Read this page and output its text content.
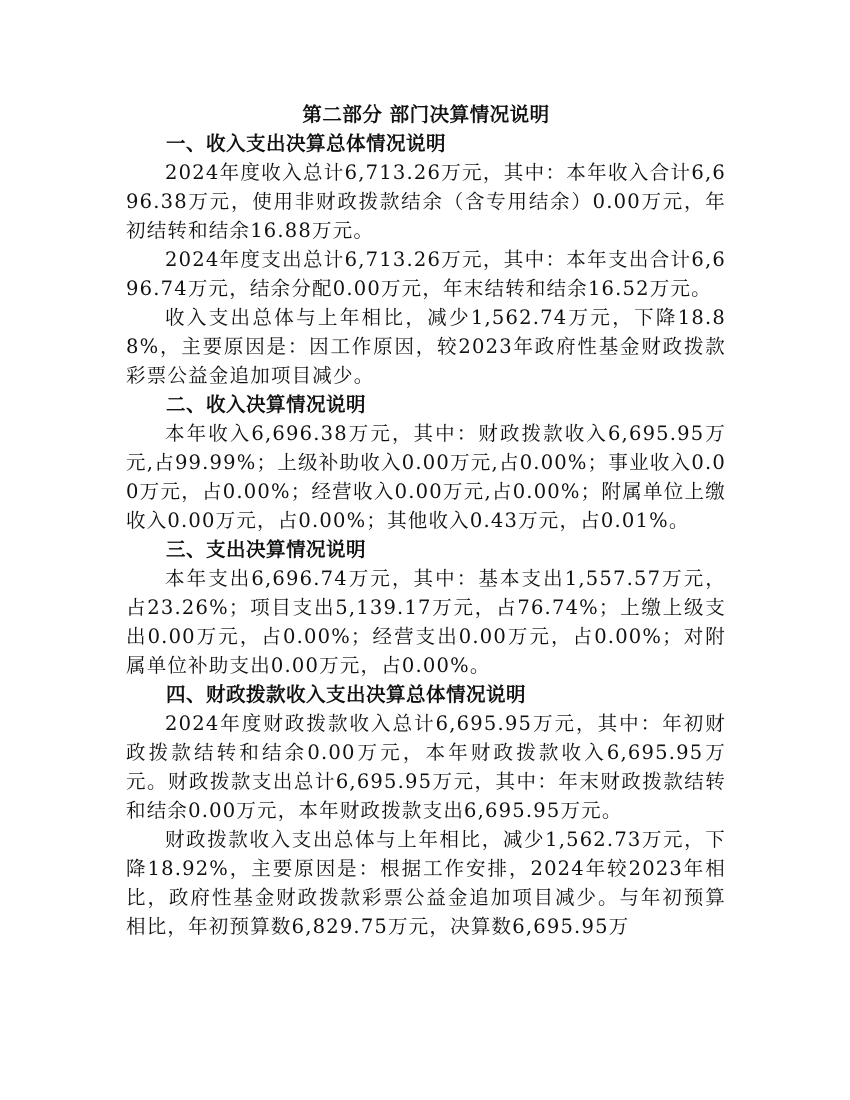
第二部分 部门决算情况说明
一、收入支出决算总体情况说明

2024年度收入总计6,713.26万元，其中：本年收入合计6,696.38万元，使用非财政拨款结余（含专用结余）0.00万元，年初结转和结余16.88万元。

2024年度支出总计6,713.26万元，其中：本年支出合计6,696.74万元，结余分配0.00万元，年末结转和结余16.52万元。

收入支出总体与上年相比，减少1,562.74万元，下降18.88%，主要原因是：因工作原因，较2023年政府性基金财政拨款彩票公益金追加项目减少。

二、收入决算情况说明

本年收入6,696.38万元，其中：财政拨款收入6,695.95万元,占99.99%；上级补助收入0.00万元,占0.00%；事业收入0.00万元，占0.00%；经营收入0.00万元,占0.00%；附属单位上缴收入0.00万元，占0.00%；其他收入0.43万元，占0.01%。

三、支出决算情况说明

本年支出6,696.74万元，其中：基本支出1,557.57万元，占23.26%；项目支出5,139.17万元，占76.74%；上缴上级支出0.00万元，占0.00%；经营支出0.00万元，占0.00%；对附属单位补助支出0.00万元，占0.00%。

四、财政拨款收入支出决算总体情况说明

2024年度财政拨款收入总计6,695.95万元，其中：年初财政拨款结转和结余0.00万元，本年财政拨款收入6,695.95万元。财政拨款支出总计6,695.95万元，其中：年末财政拨款结转和结余0.00万元，本年财政拨款支出6,695.95万元。

财政拨款收入支出总体与上年相比，减少1,562.73万元，下降18.92%，主要原因是：根据工作安排，2024年较2023年相比，政府性基金财政拨款彩票公益金追加项目减少。与年初预算相比，年初预算数6,829.75万元，决算数6,695.95万
